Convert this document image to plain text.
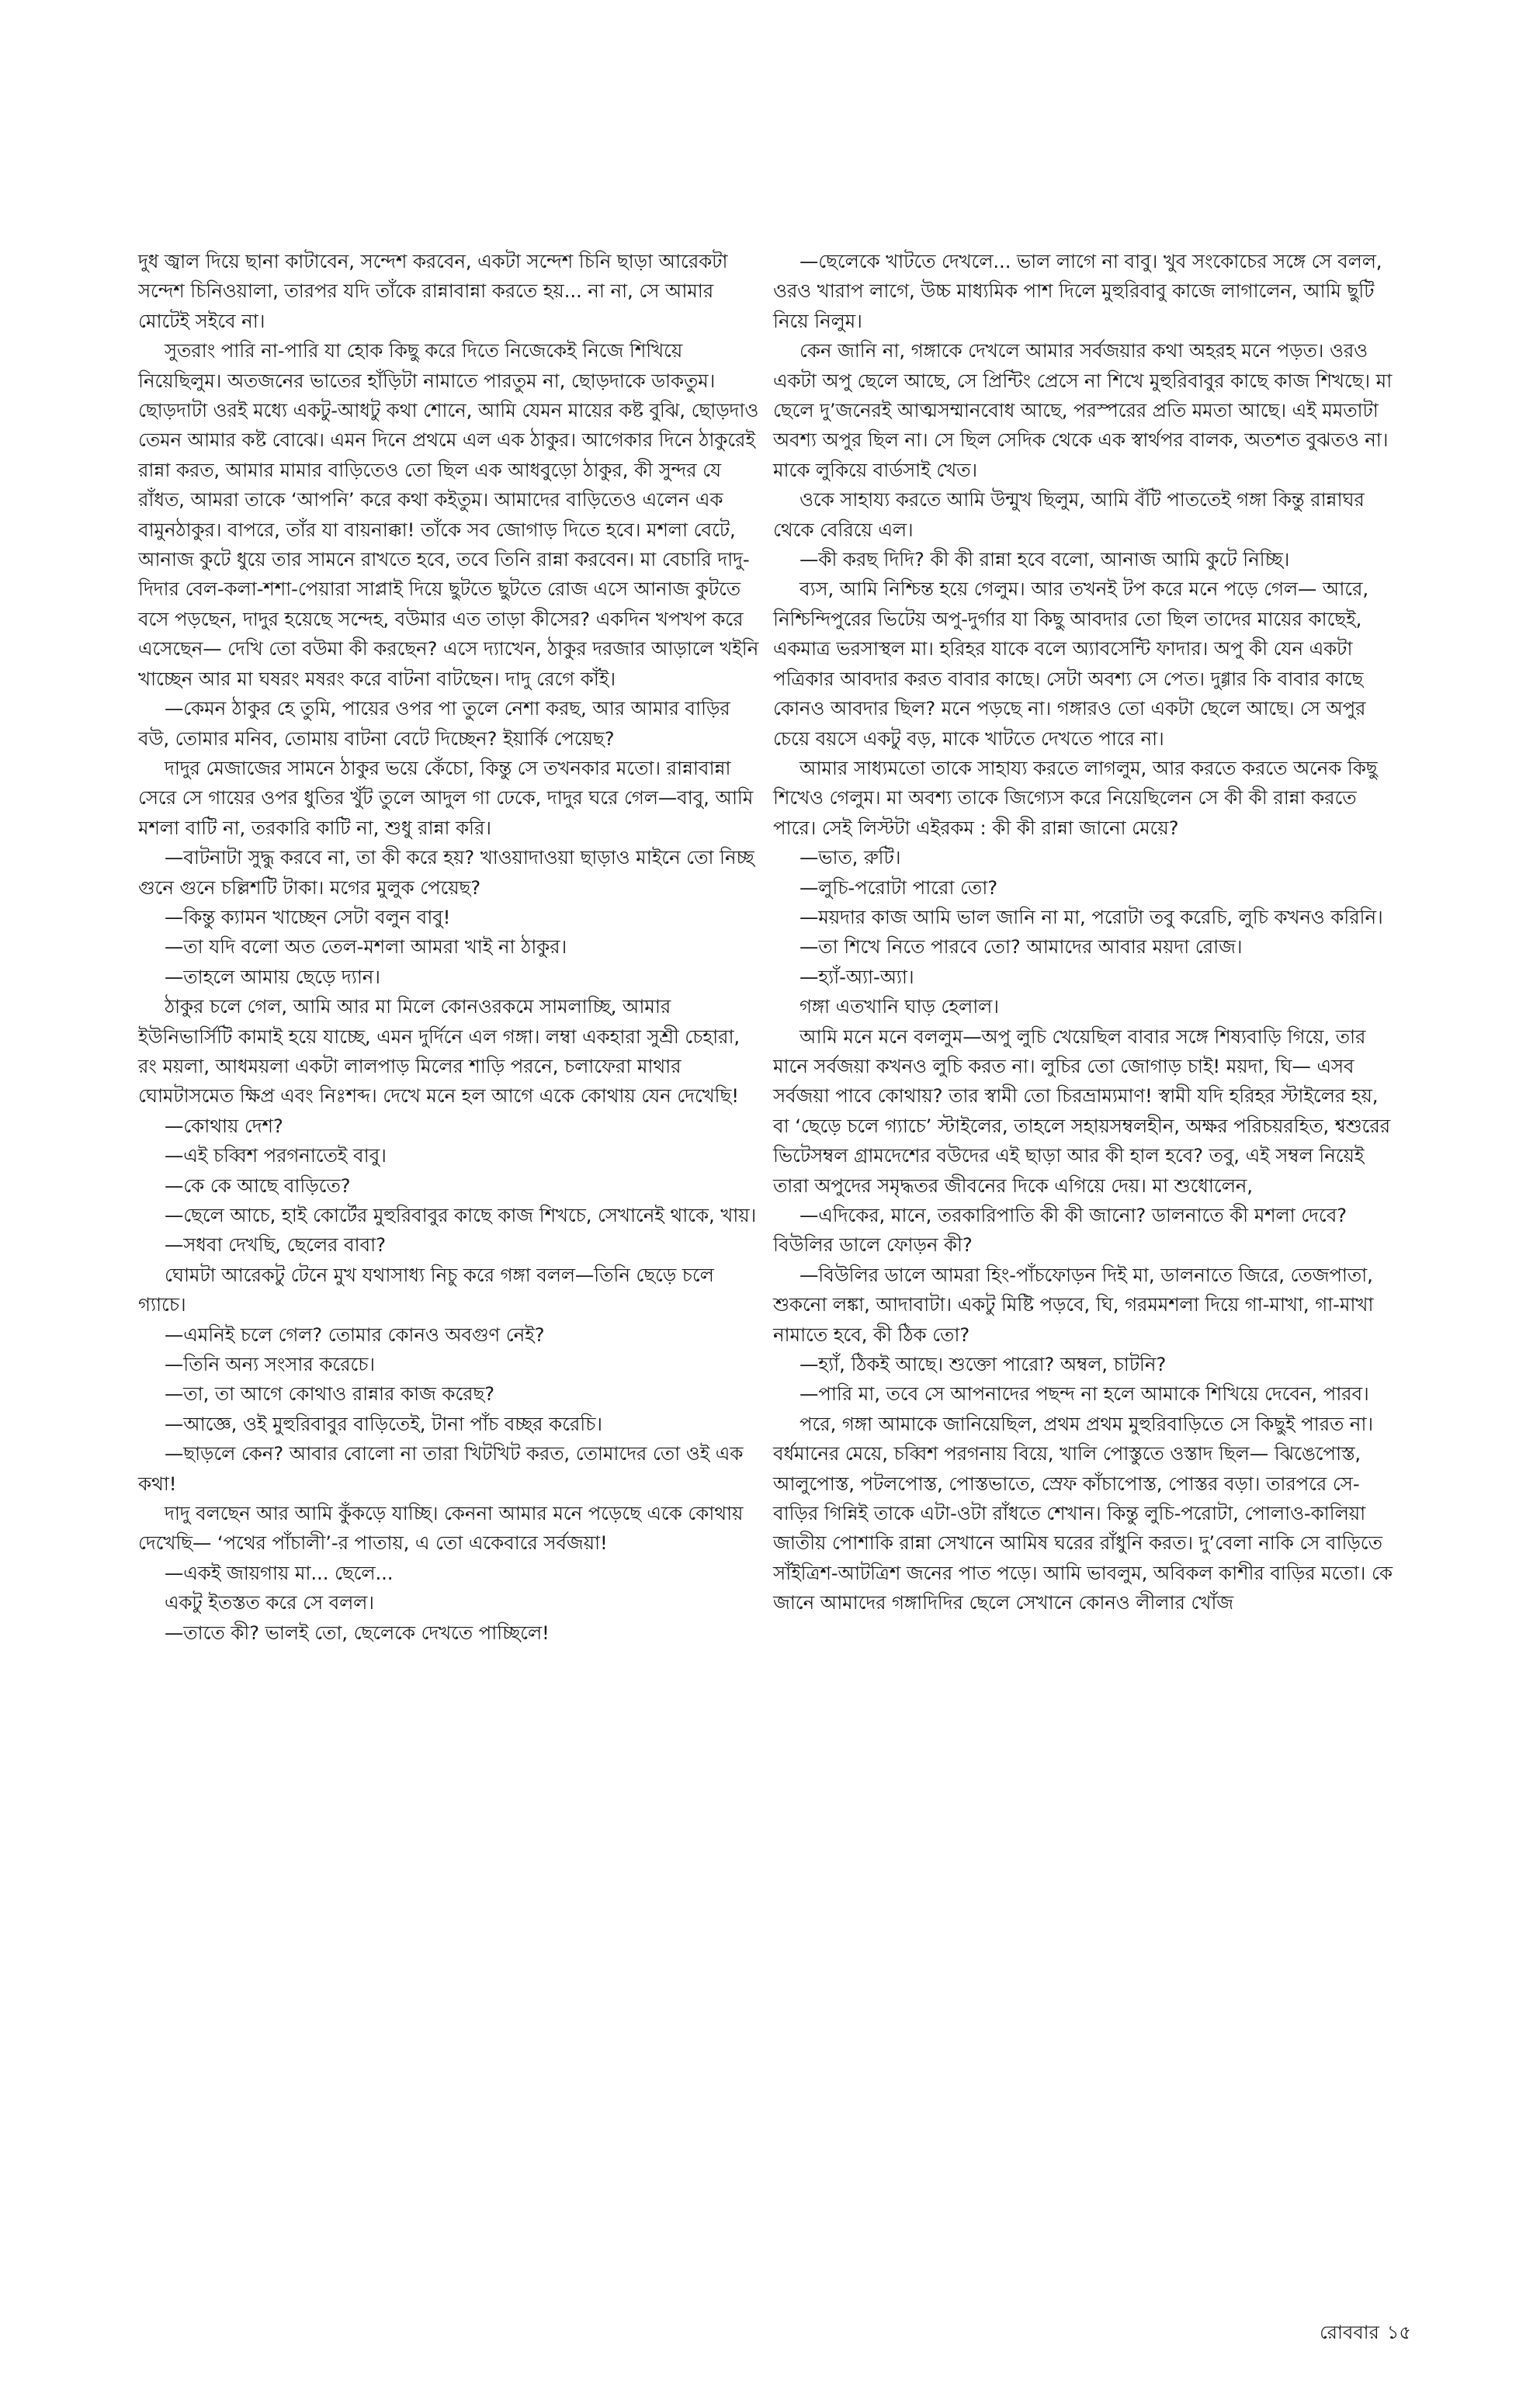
দুধ জ্বাল দিয়ে ছানা কাটাবেন, সন্দেশ করবেন, একটা সন্দেশ চিনি ছাড়া আরেকটা সন্দেশ চিনিওয়ালা, তারপর যদি তাঁকে রান্নাবান্না করতে হয়... না না, সে আমার মোটেই সইবে না।

সুতরাং পারি না-পারি যা হোক কিছু করে দিতে নিজেকেই নিজে শিখিয়ে নিয়েছিলুম। অতজনের ভাতের হাঁড়িটা নামাতে পারতুম না, ছোড়দাকে ডাকতুম। ছোড়দাটা ওরই মধ্যে একটু-আধটু কথা শোনে, আমি যেমন মায়ের কষ্ট বুঝি, ছোড়দাও তেমন আমার কষ্ট বোঝে। এমন দিনে প্রথমে এল এক ঠাকুর। আগেকার দিনে ঠাকুরেই রান্না করত, আমার মামার বাড়িতেও তো ছিল এক আধবুড়ো ঠাকুর, কী সুন্দর যে রাঁধত, আমরা তাকে ‘আপনি’ করে কথা কইতুম। আমাদের বাড়িতেও এলেন এক বামুনঠাকুর। বাপরে, তাঁর যা বায়নাক্কা! তাঁকে সব জোগাড় দিতে হবে। মশলা বেটে, আনাজ কুটে ধুয়ে তার সামনে রাখতে হবে, তবে তিনি রান্না করবেন। মা বেচারি দাদু-দিদার বেল-কলা-শশা-পেয়ারা সাপ্লাই দিয়ে ছুটতে ছুটতে রোজ এসে আনাজ কুটতে বসে পড়ছেন, দাদুর হয়েছে সন্দেহ, বউমার এত তাড়া কীসের? একদিন খপখপ করে এসেছেন— দেখি তো বউমা কী করছেন? এসে দ্যাখেন, ঠাকুর দরজার আড়ালে খইনি খাচ্ছেন আর মা ঘষরং মষরং করে বাটনা বাটছেন। দাদু রেগে কাঁই।

—কেমন ঠাকুর হে তুমি, পায়ের ওপর পা তুলে নেশা করছ, আর আমার বাড়ির বউ, তোমার মনিব, তোমায় বাটনা বেটে দিচ্ছেন? ইয়ার্কি পেয়েছ?

দাদুর মেজাজের সামনে ঠাকুর ভয়ে কেঁচো, কিন্তু সে তখনকার মতো। রান্নাবান্না সেরে সে গায়ের ওপর ধুতির খুঁট তুলে আদুল গা ঢেকে, দাদুর ঘরে গেল—বাবু, আমি মশলা বাটি না, তরকারি কাটি না, শুধু রান্না করি।

—বাটনাটা সুদ্ধু করবে না, তা কী করে হয়? খাওয়াদাওয়া ছাড়াও মাইনে তো নিচ্ছ গুনে গুনে চল্লিশটি টাকা। মগের মুলুক পেয়েছ?

—কিন্তু ক্যামন খাচ্ছেন সেটা বলুন বাবু!

—তা যদি বলো অত তেল-মশলা আমরা খাই না ঠাকুর।

—তাহলে আমায় ছেড়ে দ্যান।

ঠাকুর চলে গেল, আমি আর মা মিলে কোনওরকমে সামলাচ্ছি, আমার ইউনিভার্সিটি কামাই হয়ে যাচ্ছে, এমন দুর্দিনে এল গঙ্গা। লম্বা একহারা সুশ্রী চেহারা, রং ময়লা, আধময়লা একটা লালপাড় মিলের শাড়ি পরনে, চলাফেরা মাথার ঘোমটাসমেত ক্ষিপ্র এবং নিঃশব্দ। দেখে মনে হল আগে একে কোথায় যেন দেখেছি!

—কোথায় দেশ?

—এই চব্বিশ পরগনাতেই বাবু।

—কে কে আছে বাড়িতে?

—ছেলে আচে, হাই কোর্টের মুহুরিবাবুর কাছে কাজ শিখচে, সেখানেই থাকে, খায়।

—সধবা দেখছি, ছেলের বাবা?

ঘোমটা আরেকটু টেনে মুখ যথাসাধ্য নিচু করে গঙ্গা বলল—তিনি ছেড়ে চলে গ্যাচে।

—এমনিই চলে গেল? তোমার কোনও অবগুণ নেই?

—তিনি অন্য সংসার করেচে।

—তা, তা আগে কোথাও রান্নার কাজ করেছ?

—আজ্ঞে, ওই মুহুরিবাবুর বাড়িতেই, টানা পাঁচ বচ্ছর করেচি।

—ছাড়লে কেন? আবার বোলো না তারা খিটখিট করত, তোমাদের তো ওই এক কথা!

দাদু বলছেন আর আমি কুঁকড়ে যাচ্ছি। কেননা আমার মনে পড়েছে একে কোথায় দেখেছি— ‘পথের পাঁচালী’-র পাতায়, এ তো একেবারে সর্বজয়া!

—একই জায়গায় মা... ছেলে...

একটু ইতস্তত করে সে বলল।

—তাতে কী? ভালই তো, ছেলেকে দেখতে পাচ্ছিলে!

—ছেলেকে খাটতে দেখলে... ভাল লাগে না বাবু। খুব সংকোচের সঙ্গে সে বলল, ওরও খারাপ লাগে, উচ্চ মাধ্যমিক পাশ দিলে মুহুরিবাবু কাজে লাগালেন, আমি ছুটি নিয়ে নিলুম।

কেন জানি না, গঙ্গাকে দেখলে আমার সর্বজয়ার কথা অহরহ মনে পড়ত। ওরও একটা অপু ছেলে আছে, সে প্রিন্টিং প্রেসে না শিখে মুহুরিবাবুর কাছে কাজ শিখছে। মা ছেলে দু’জনেরই আত্মসম্মানবোধ আছে, পরস্পরের প্রতি মমতা আছে। এই মমতাটা অবশ্য অপুর ছিল না। সে ছিল সেদিক থেকে এক স্বার্থপর বালক, অতশত বুঝতও না। মাকে লুকিয়ে বার্ডসাই খেত।

ওকে সাহায্য করতে আমি উন্মুখ ছিলুম, আমি বঁটি পাততেই গঙ্গা কিন্তু রান্নাঘর থেকে বেরিয়ে এল।

—কী করছ দিদি? কী কী রান্না হবে বলো, আনাজ আমি কুটে নিচ্ছি।

ব্যস, আমি নিশ্চিন্ত হয়ে গেলুম। আর তখনই টপ করে মনে পড়ে গেল— আরে, নিশ্চিন্দিপুরের ভিটেয় অপু-দুর্গার যা কিছু আবদার তো ছিল তাদের মায়ের কাছেই, একমাত্র ভরসাস্থল মা। হরিহর যাকে বলে অ্যাবসেন্টি ফাদার। অপু কী যেন একটা পত্রিকার আবদার করত বাবার কাছে। সেটা অবশ্য সে পেত। দুগ্গার কি বাবার কাছে কোনও আবদার ছিল? মনে পড়ছে না। গঙ্গারও তো একটা ছেলে আছে। সে অপুর চেয়ে বয়সে একটু বড়, মাকে খাটতে দেখতে পারে না।

আমার সাধ্যমতো তাকে সাহায্য করতে লাগলুম, আর করতে করতে অনেক কিছু শিখেও গেলুম। মা অবশ্য তাকে জিগ্যেস করে নিয়েছিলেন সে কী কী রান্না করতে পারে। সেই লিস্টটা এইরকম : কী কী রান্না জানো মেয়ে?

—ভাত, রুটি।

—লুচি-পরোটা পারো তো?

—ময়দার কাজ আমি ভাল জানি না মা, পরোটা তবু করেচি, লুচি কখনও করিনি।

—তা শিখে নিতে পারবে তো? আমাদের আবার ময়দা রোজ।

—হ্যাঁ-অ্যা-অ্যা।

গঙ্গা এতখানি ঘাড় হেলাল।

আমি মনে মনে বললুম—অপু লুচি খেয়েছিল বাবার সঙ্গে শিষ্যবাড়ি গিয়ে, তার মানে সর্বজয়া কখনও লুচি করত না। লুচির তো জোগাড় চাই! ময়দা, ঘি— এসব সর্বজয়া পাবে কোথায়? তার স্বামী তো চিরভ্রাম্যমাণ! স্বামী যদি হরিহর স্টাইলের হয়, বা ‘ছেড়ে চলে গ্যাচে’ স্টাইলের, তাহলে সহায়সম্বলহীন, অক্ষর পরিচয়রহিত, শ্বশুরের ভিটেসম্বল গ্রামদেশের বউদের এই ছাড়া আর কী হাল হবে? তবু, এই সম্বল নিয়েই তারা অপুদের সমৃদ্ধতর জীবনের দিকে এগিয়ে দেয়। মা শুধোলেন,

—এদিকের, মানে, তরকারিপাতি কী কী জানো? ডালনাতে কী মশলা দেবে? বিউলির ডালে ফোড়ন কী?

—বিউলির ডালে আমরা হিং-পাঁচফোড়ন দিই মা, ডালনাতে জিরে, তেজপাতা, শুকনো লঙ্কা, আদাবাটা। একটু মিষ্টি পড়বে, ঘি, গরমমশলা দিয়ে গা-মাখা, গা-মাখা নামাতে হবে, কী ঠিক তো?

—হ্যাঁ, ঠিকই আছে। শুক্তো পারো? অম্বল, চাটনি?

—পারি মা, তবে সে আপনাদের পছন্দ না হলে আমাকে শিখিয়ে দেবেন, পারব।

পরে, গঙ্গা আমাকে জানিয়েছিল, প্রথম প্রথম মুহুরিবাড়িতে সে কিছুই পারত না। বর্ধমানের মেয়ে, চব্বিশ পরগনায় বিয়ে, খালি পোস্তুতে ওস্তাদ ছিল— ঝিঙেপোস্ত, আলুপোস্ত, পটলপোস্ত, পোস্তভাতে, স্রেফ কাঁচাপোস্ত, পোস্তর বড়া। তারপরে সে-বাড়ির গিন্নিই তাকে এটা-ওটা রাঁধতে শেখান। কিন্তু লুচি-পরোটা, পোলাও-কালিয়া জাতীয় পোশাকি রান্না সেখানে আমিষ ঘরের রাঁধুনি করত। দু’বেলা নাকি সে বাড়িতে সাঁইত্রিশ-আটত্রিশ জনের পাত পড়ে। আমি ভাবলুম, অবিকল কাশীর বাড়ির মতো। কে জানে আমাদের গঙ্গাদিদির ছেলে সেখানে কোনও লীলার খোঁজ

রোববার ১৫
